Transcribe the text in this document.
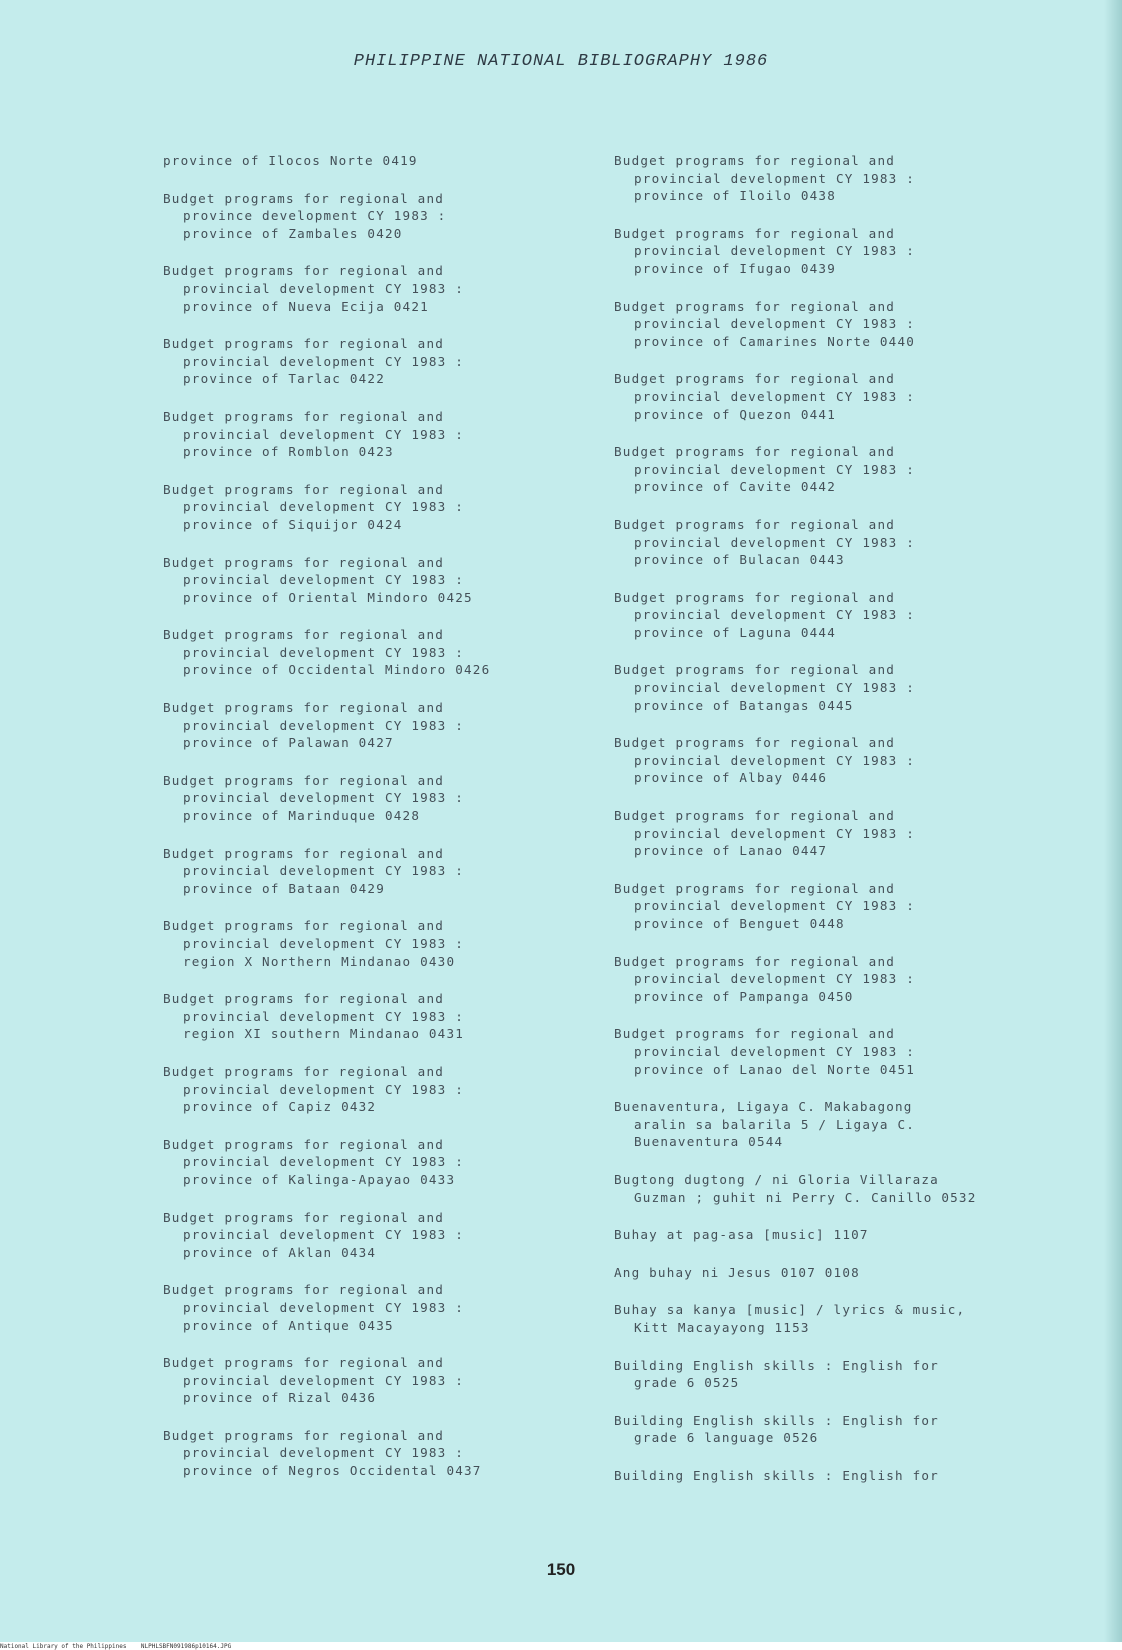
PHILIPPINE NATIONAL BIBLIOGRAPHY 1986
province of Ilocos Norte 0419
Budget programs for regional and
province development CY 1983 :
province of Zambales 0420
Budget programs for regional and
provincial development CY 1983 :
province of Nueva Ecija 0421
Budget programs for regional and
provincial development CY 1983 :
province of Tarlac 0422
Budget programs for regional and
provincial development CY 1983 :
province of Romblon 0423
Budget programs for regional and
provincial development CY 1983 :
province of Siquijor 0424
Budget programs for regional and
provincial development CY 1983 :
province of Oriental Mindoro 0425
Budget programs for regional and
provincial development CY 1983 :
province of Occidental Mindoro 0426
Budget programs for regional and
provincial development CY 1983 :
province of Palawan 0427
Budget programs for regional and
provincial development CY 1983 :
province of Marinduque 0428
Budget programs for regional and
provincial development CY 1983 :
province of Bataan 0429
Budget programs for regional and
provincial development CY 1983 :
region X Northern Mindanao 0430
Budget programs for regional and
provincial development CY 1983 :
region XI southern Mindanao 0431
Budget programs for regional and
provincial development CY 1983 :
province of Capiz 0432
Budget programs for regional and
provincial development CY 1983 :
province of Kalinga-Apayao 0433
Budget programs for regional and
provincial development CY 1983 :
province of Aklan 0434
Budget programs for regional and
provincial development CY 1983 :
province of Antique 0435
Budget programs for regional and
provincial development CY 1983 :
province of Rizal 0436
Budget programs for regional and
provincial development CY 1983 :
province of Negros Occidental 0437
Budget programs for regional and
provincial development CY 1983 :
province of Iloilo 0438
Budget programs for regional and
provincial development CY 1983 :
province of Ifugao 0439
Budget programs for regional and
provincial development CY 1983 :
province of Camarines Norte 0440
Budget programs for regional and
provincial development CY 1983 :
province of Quezon 0441
Budget programs for regional and
provincial development CY 1983 :
province of Cavite 0442
Budget programs for regional and
provincial development CY 1983 :
province of Bulacan 0443
Budget programs for regional and
provincial development CY 1983 :
province of Laguna 0444
Budget programs for regional and
provincial development CY 1983 :
province of Batangas 0445
Budget programs for regional and
provincial development CY 1983 :
province of Albay 0446
Budget programs for regional and
provincial development CY 1983 :
province of Lanao 0447
Budget programs for regional and
provincial development CY 1983 :
province of Benguet 0448
Budget programs for regional and
provincial development CY 1983 :
province of Pampanga 0450
Budget programs for regional and
provincial development CY 1983 :
province of Lanao del Norte 0451
Buenaventura, Ligaya C. Makabagong
aralin sa balarila 5 / Ligaya C.
Buenaventura 0544
Bugtong dugtong / ni Gloria Villaraza
Guzman ; guhit ni Perry C. Canillo 0532
Buhay at pag-asa [music] 1107
Ang buhay ni Jesus 0107 0108
Buhay sa kanya [music] / lyrics & music,
Kitt Macayayong 1153
Building English skills : English for
grade 6 0525
Building English skills : English for
grade 6 language 0526
Building English skills : English for
150
National Library of the Philippines    NLPHLSBFN091986p10164.JPG
